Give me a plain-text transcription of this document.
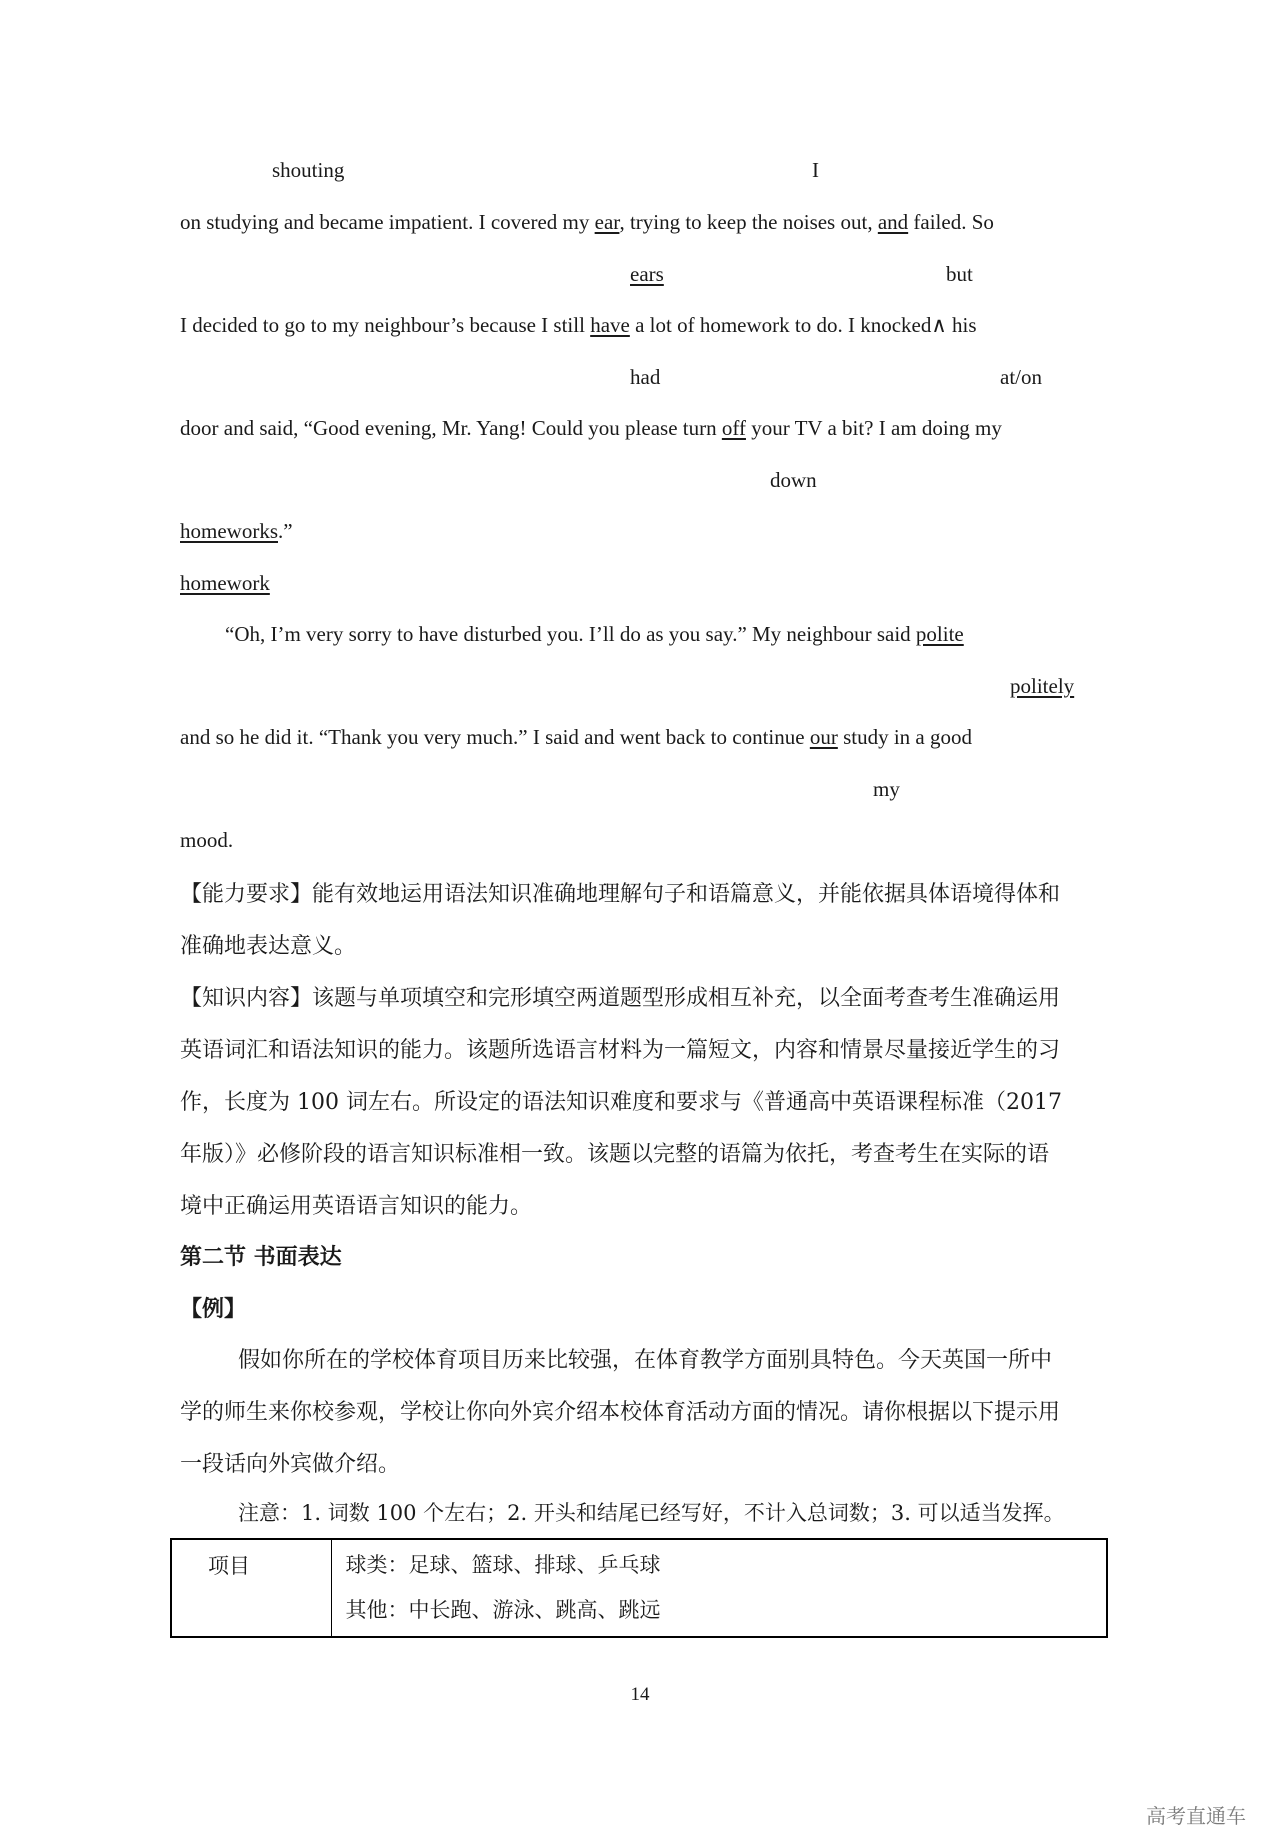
shouting	I
on studying and became impatient. I covered my ear, trying to keep the noises out, and failed. So
ears	but
I decided to go to my neighbour’s because I still have a lot of homework to do. I knocked∧ his
had	at/on
door and said, “Good evening, Mr. Yang! Could you please turn off your TV a bit? I am doing my
down
homeworks.”
homework
“Oh, I’m very sorry to have disturbed you. I’ll do as you say.” My neighbour said polite
politely
and so he did it. “Thank you very much.” I said and went back to continue our study in a good
my
mood.
【能力要求】能有效地运用语法知识准确地理解句子和语篇意义，并能依据具体语境得体和
准确地表达意义。
【知识内容】该题与单项填空和完形填空两道题型形成相互补充，以全面考查考生准确运用
英语词汇和语法知识的能力。该题所选语言材料为一篇短文，内容和情景尽量接近学生的习
作，长度为 100 词左右。所设定的语法知识难度和要求与《普通高中英语课程标准（2017
年版）》必修阶段的语言知识标准相一致。该题以完整的语篇为依托，考查考生在实际的语
境中正确运用英语语言知识的能力。
第二节 书面表达
【例】
假如你所在的学校体育项目历来比较强，在体育教学方面别具特色。今天英国一所中
学的师生来你校参观，学校让你向外宾介绍本校体育活动方面的情况。请你根据以下提示用
一段话向外宾做介绍。
注意：1. 词数 100 个左右；2. 开头和结尾已经写好，不计入总词数；3. 可以适当发挥。
项目	球类：足球、篮球、排球、乒乓球
其他：中长跑、游泳、跳高、跳远
14
高考直通车
